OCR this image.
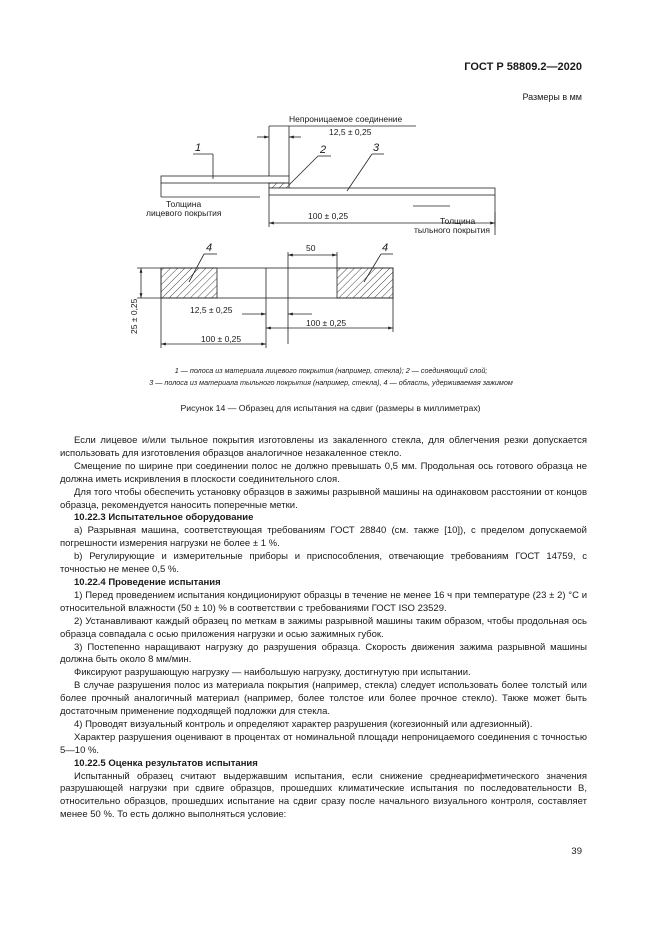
ГОСТ Р 58809.2—2020
Размеры в мм
Непроницаемое соединение
12,5 ± 0,25
1	2	3
Толщина
лицевого покрытия	100 ± 0,25	Толщина
тыльного покрытия
4	4
50
12,5 ± 0,25
100 ± 0,25
100 ± 0,25
25 ± 0,25
1 — полоса из материала лицевого покрытия (например, стекла); 2 — соединяющий слой;
3 — полоса из материала тыльного покрытия (например, стекла), 4 — область, удерживаемая зажимом
Рисунок 14 — Образец для испытания на сдвиг (размеры в миллиметрах)

Если лицевое и/или тыльное покрытия изготовлены из закаленного стекла, для облегчения резки допускается использовать для изготовления образцов аналогичное незакаленное стекло.

Смещение по ширине при соединении полос не должно превышать 0,5 мм. Продольная ось готового образца не должна иметь искривления в плоскости соединительного слоя.

Для того чтобы обеспечить установку образцов в зажимы разрывной машины на одинаковом расстоянии от концов образца, рекомендуется наносить поперечные метки.

10.22.3 Испытательное оборудование

а) Разрывная машина, соответствующая требованиям ГОСТ 28840 (см. также [10]), с пределом допускаемой погрешности измерения нагрузки не более ± 1 %.

b) Регулирующие и измерительные приборы и приспособления, отвечающие требованиям ГОСТ 14759, с точностью не менее 0,5 %.

10.22.4 Проведение испытания

1) Перед проведением испытания кондиционируют образцы в течение не менее 16 ч при температуре (23 ± 2) °C и относительной влажности (50 ± 10) % в соответствии с требованиями ГОСТ ISO 23529.

2) Устанавливают каждый образец по меткам в зажимы разрывной машины таким образом, чтобы продольная ось образца совпадала с осью приложения нагрузки и осью зажимных губок.

3) Постепенно наращивают нагрузку до разрушения образца. Скорость движения зажима разрывной машины должна быть около 8 мм/мин.

Фиксируют разрушающую нагрузку — наибольшую нагрузку, достигнутую при испытании.

В случае разрушения полос из материала покрытия (например, стекла) следует использовать более толстый или более прочный аналогичный материал (например, более толстое или более прочное стекло). Также может быть достаточным применение подходящей подложки для стекла.

4) Проводят визуальный контроль и определяют характер разрушения (когезионный или адгезионный).

Характер разрушения оценивают в процентах от номинальной площади непроницаемого соединения с точностью 5—10 %.

10.22.5 Оценка результатов испытания

Испытанный образец считают выдержавшим испытания, если снижение среднеарифметического значения разрушающей нагрузки при сдвиге образцов, прошедших климатические испытания по последовательности В, относительно образцов, прошедших испытание на сдвиг сразу после начального визуального контроля, составляет менее 50 %. То есть должно выполняться условие:

39
